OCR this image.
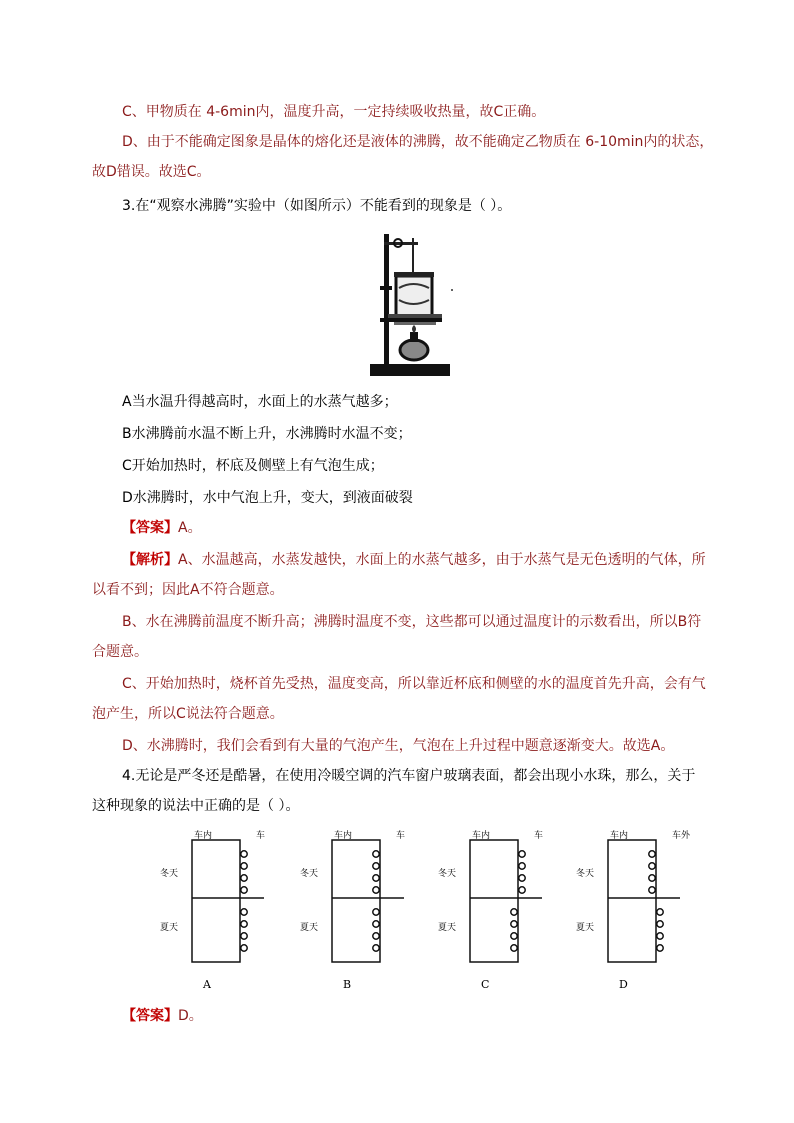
C、甲物质在 4-6min内，温度升高，一定持续吸收热量，故C正确。
D、由于不能确定图象是晶体的熔化还是液体的沸腾，故不能确定乙物质在 6-10min内的状态，
故D错误。故选C。
3.在“观察水沸腾”实验中（如图所示）不能看到的现象是（ ）。
A当水温升得越高时，水面上的水蒸气越多；
B水沸腾前水温不断上升，水沸腾时水温不变；
C开始加热时，杯底及侧壁上有气泡生成；
D水沸腾时，水中气泡上升，变大，到液面破裂
【答案】A。
【解析】A、水温越高，水蒸发越快，水面上的水蒸气越多，由于水蒸气是无色透明的气体，所
以看不到；因此A不符合题意。
B、水在沸腾前温度不断升高；沸腾时温度不变，这些都可以通过温度计的示数看出，所以B符
合题意。
C、开始加热时，烧杯首先受热，温度变高，所以靠近杯底和侧壁的水的温度首先升高，会有气
泡产生，所以C说法符合题意。
D、水沸腾时，我们会看到有大量的气泡产生，气泡在上升过程中题意逐渐变大。故选A。
4.无论是严冬还是酷暑，在使用冷暖空调的汽车窗户玻璃表面，都会出现小水珠，那么，关于
这种现象的说法中正确的是（ ）。
车内	车
冬天
夏天
A
车内	车
冬天
夏天
B
车内	车
冬天
夏天
C
车内	车外
冬天
夏天
D
【答案】D。
